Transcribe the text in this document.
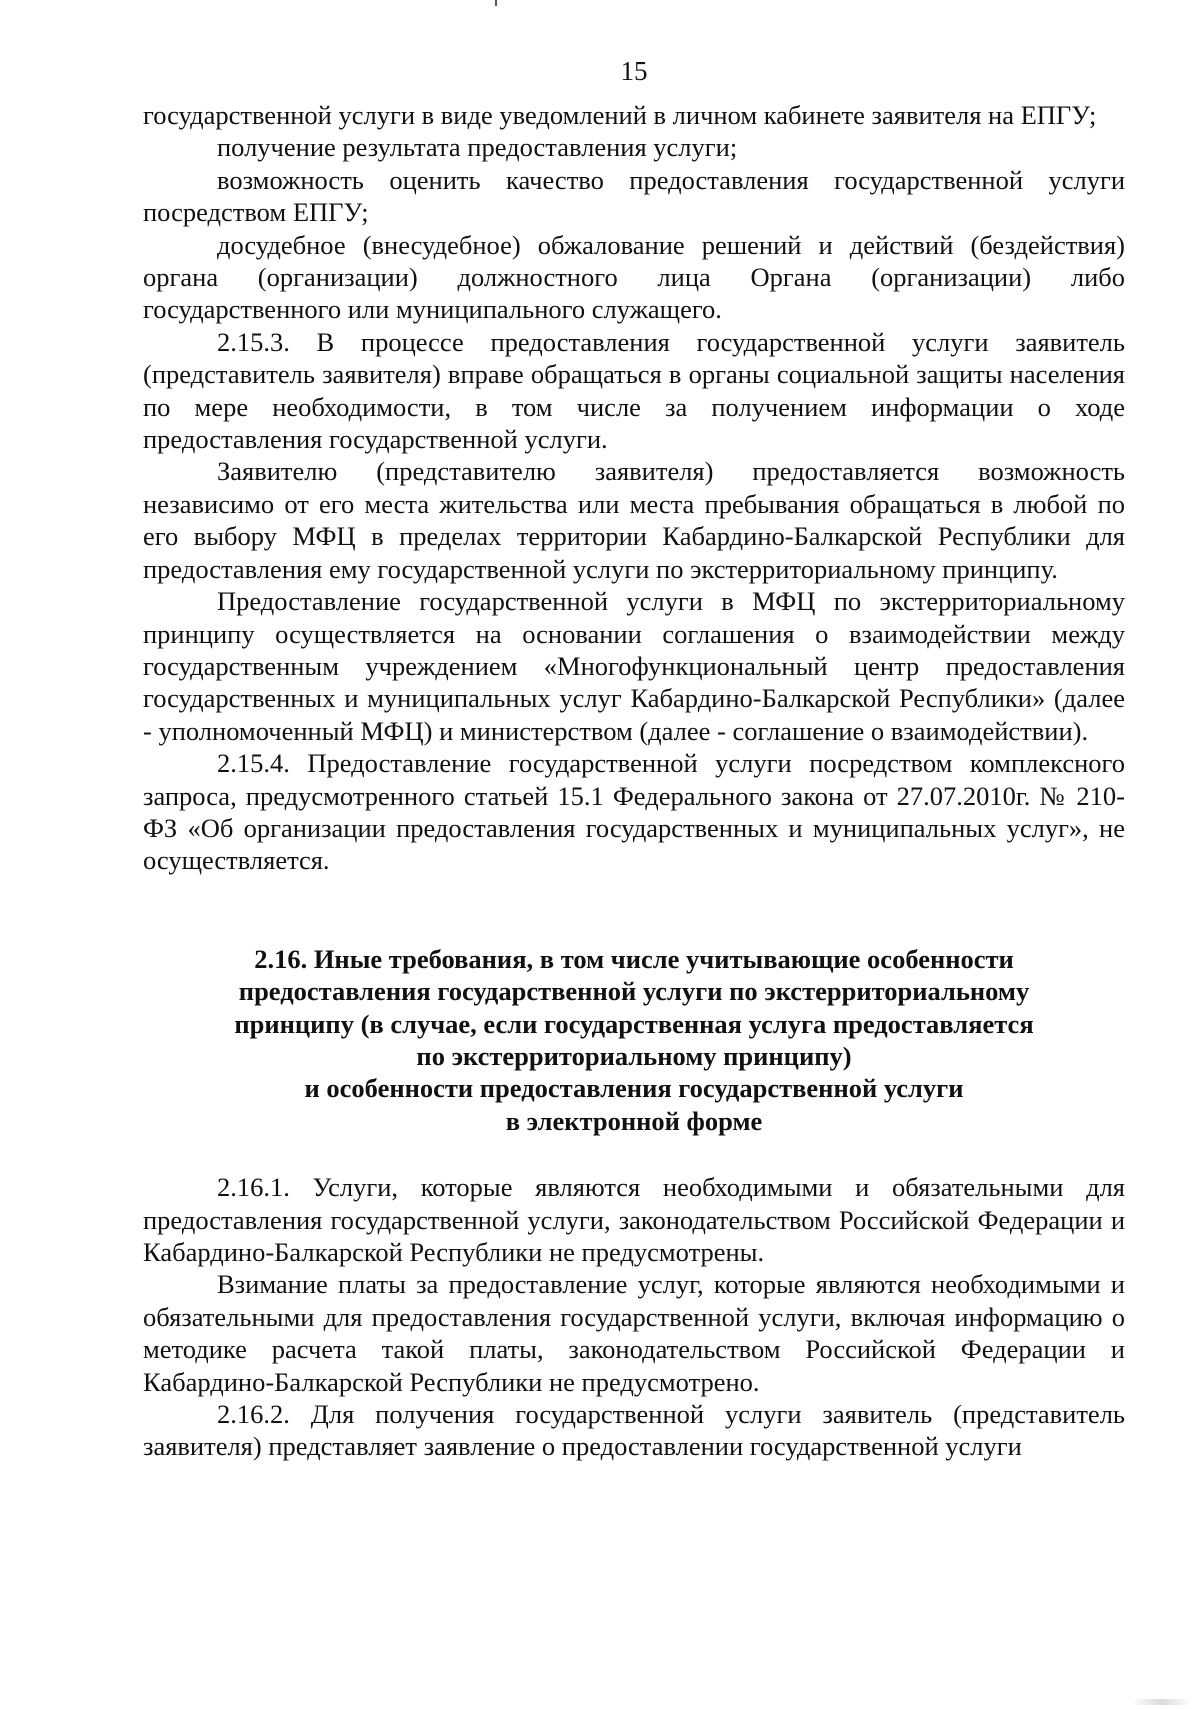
15

государственной услуги в виде уведомлений в личном кабинете заявителя на ЕПГУ;

получение результата предоставления услуги;

возможность оценить качество предоставления государственной услуги посредством ЕПГУ;

досудебное (внесудебное) обжалование решений и действий (бездействия) органа (организации) должностного лица Органа (организации) либо государственного или муниципального служащего.

2.15.3. В процессе предоставления государственной услуги заявитель (представитель заявителя) вправе обращаться в органы социальной защиты населения по мере необходимости, в том числе за получением информации о ходе предоставления государственной услуги.

Заявителю (представителю заявителя) предоставляется возможность независимо от его места жительства или места пребывания обращаться в любой по его выбору МФЦ в пределах территории Кабардино-Балкарской Республики для предоставления ему государственной услуги по экстерриториальному принципу.

Предоставление государственной услуги в МФЦ по экстерриториальному принципу осуществляется на основании соглашения о взаимодействии между государственным учреждением «Многофункциональный центр предоставления государственных и муниципальных услуг Кабардино-Балкарской Республики» (далее - уполномоченный МФЦ) и министерством (далее - соглашение о взаимодействии).

2.15.4. Предоставление государственной услуги посредством комплексного запроса, предусмотренного статьей 15.1 Федерального закона от 27.07.2010г. № 210-ФЗ «Об организации предоставления государственных и муниципальных услуг», не осуществляется.

2.16. Иные требования, в том числе учитывающие особенности
предоставления государственной услуги по экстерриториальному
принципу (в случае, если государственная услуга предоставляется
по экстерриториальному принципу)
и особенности предоставления государственной услуги
в электронной форме

2.16.1. Услуги, которые являются необходимыми и обязательными для предоставления государственной услуги, законодательством Российской Федерации и Кабардино-Балкарской Республики не предусмотрены.

Взимание платы за предоставление услуг, которые являются необходимыми и обязательными для предоставления государственной услуги, включая информацию о методике расчета такой платы, законодательством Российской Федерации и Кабардино-Балкарской Республики не предусмотрено.

2.16.2. Для получения государственной услуги заявитель (представитель заявителя) представляет заявление о предоставлении государственной услуги
